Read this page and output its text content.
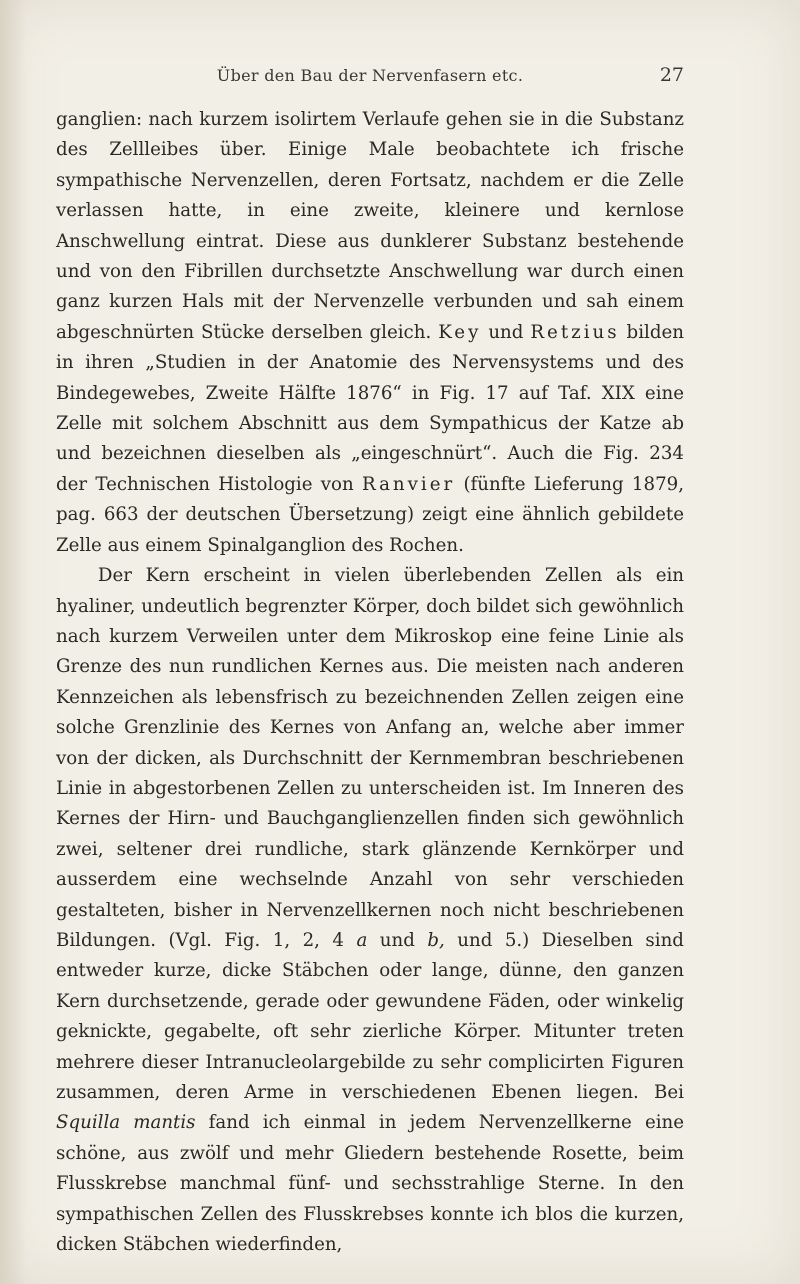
Über den Bau der Nervenfasern etc.	27

ganglien: nach kurzem isolirtem Verlaufe gehen sie in die Substanz des Zellleibes über. Einige Male beobachtete ich frische sympathische Nervenzellen, deren Fortsatz, nachdem er die Zelle verlassen hatte, in eine zweite, kleinere und kernlose Anschwellung eintrat. Diese aus dunklerer Substanz bestehende und von den Fibrillen durchsetzte Anschwellung war durch einen ganz kurzen Hals mit der Nervenzelle verbunden und sah einem abgeschnürten Stücke derselben gleich. Key und Retzius bilden in ihren „Studien in der Anatomie des Nervensystems und des Bindegewebes, Zweite Hälfte 1876“ in Fig. 17 auf Taf. XIX eine Zelle mit solchem Abschnitt aus dem Sympathicus der Katze ab und bezeichnen dieselben als „eingeschnürt“. Auch die Fig. 234 der Technischen Histologie von Ranvier (fünfte Lieferung 1879, pag. 663 der deutschen Übersetzung) zeigt eine ähnlich gebildete Zelle aus einem Spinalganglion des Rochen.

Der Kern erscheint in vielen überlebenden Zellen als ein hyaliner, undeutlich begrenzter Körper, doch bildet sich gewöhnlich nach kurzem Verweilen unter dem Mikroskop eine feine Linie als Grenze des nun rundlichen Kernes aus. Die meisten nach anderen Kennzeichen als lebensfrisch zu bezeichnenden Zellen zeigen eine solche Grenzlinie des Kernes von Anfang an, welche aber immer von der dicken, als Durchschnitt der Kernmembran beschriebenen Linie in abgestorbenen Zellen zu unterscheiden ist. Im Inneren des Kernes der Hirn- und Bauchganglienzellen finden sich gewöhnlich zwei, seltener drei rundliche, stark glänzende Kernkörper und ausserdem eine wechselnde Anzahl von sehr verschieden gestalteten, bisher in Nervenzellkernen noch nicht beschriebenen Bildungen. (Vgl. Fig. 1, 2, 4 a und b, und 5.) Dieselben sind entweder kurze, dicke Stäbchen oder lange, dünne, den ganzen Kern durchsetzende, gerade oder gewundene Fäden, oder winkelig geknickte, gegabelte, oft sehr zierliche Körper. Mitunter treten mehrere dieser Intranucleolargebilde zu sehr complicirten Figuren zusammen, deren Arme in verschiedenen Ebenen liegen. Bei Squilla mantis fand ich einmal in jedem Nervenzellkerne eine schöne, aus zwölf und mehr Gliedern bestehende Rosette, beim Flusskrebse manchmal fünf- und sechsstrahlige Sterne. In den sympathischen Zellen des Flusskrebses konnte ich blos die kurzen, dicken Stäbchen wiederfinden,
